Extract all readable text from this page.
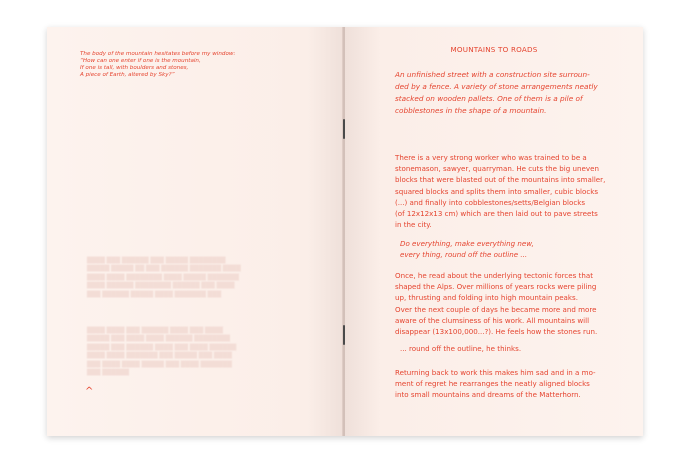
The body of the mountain hesitates before my window:
“How can one enter if one is the mountain,
If one is tall, with boulders and stones,
A piece of Earth, altered by Sky?”
████ ███ ██████ ███ █████ ████████
█████ █████ ██ ███ ██████ ███████ ████
████ ████ ████████ ████ █████ ███████
████ ██████ ████████ ██████ ███ ████
███ ██████ █████ ████ ███████ ███
████ ████ ███ ██████ ████ ███ ████
█████ ███ ████ ████ ██████ ████████
█████ ███ ██████ ████ ███ ████ ██████
████ ████ ███████ ███ █████ ███ ████
███ ████ ████ █████ ███ ████ ███████
███ ██████
^
MOUNTAINS TO ROADS
An unfinished street with a construction site surroun-
ded by a fence. A variety of stone arrangements neatly
stacked on wooden pallets. One of them is a pile of
cobblestones in the shape of a mountain.
There is a very strong worker who was trained to be a
stonemason, sawyer, quarryman. He cuts the big uneven
blocks that were blasted out of the mountains into smaller,
squared blocks and splits them into smaller, cubic blocks
(...) and finally into cobblestones/setts/Belgian blocks
(of 12x12x13 cm) which are then laid out to pave streets
in the city.
Do everything, make everything new,
every thing, round off the outline ...
Once, he read about the underlying tectonic forces that
shaped the Alps. Over millions of years rocks were piling
up, thrusting and folding into high mountain peaks.
Over the next couple of days he became more and more
aware of the clumsiness of his work. All mountains will
disappear (13x100,000...?). He feels how the stones run.
... round off the outline, he thinks.
Returning back to work this makes him sad and in a mo-
ment of regret he rearranges the neatly aligned blocks
into small mountains and dreams of the Matterhorn.
